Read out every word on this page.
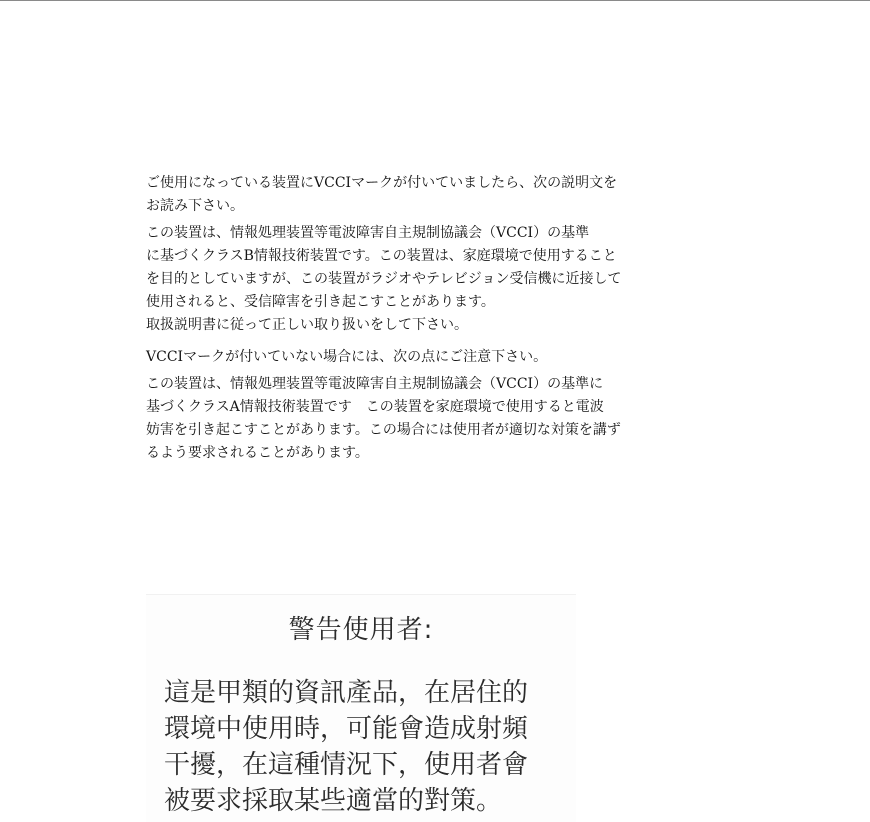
ご使用になっている装置にVCCIマークが付いていましたら、次の説明文を
お読み下さい。

この装置は、情報処理装置等電波障害自主規制協議会（VCCI）の基準
に基づくクラスB情報技術装置です。この装置は、家庭環境で使用すること
を目的としていますが、この装置がラジオやテレビジョン受信機に近接して
使用されると、受信障害を引き起こすことがあります。
取扱説明書に従って正しい取り扱いをして下さい。

VCCIマークが付いていない場合には、次の点にご注意下さい。

この装置は、情報処理装置等電波障害自主規制協議会（VCCI）の基準に
基づくクラスA情報技術装置です　この装置を家庭環境で使用すると電波
妨害を引き起こすことがあります。この場合には使用者が適切な対策を講ず
るよう要求されることがあります。

警告使用者:

這是甲類的資訊產品，在居住的
環境中使用時，可能會造成射頻
干擾，在這種情況下，使用者會
被要求採取某些適當的對策。
